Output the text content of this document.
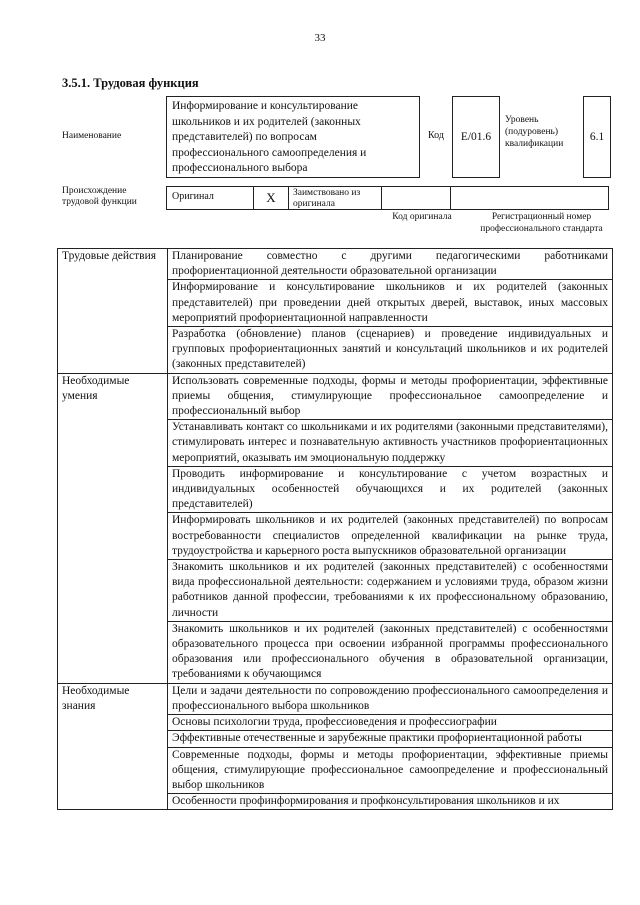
33
3.5.1. Трудовая функция
Наименование
Информирование и консультирование школьников и их родителей (законных представителей) по вопросам профессионального самоопределения и профессионального выбора
Код	E/01.6
Уровень (подуровень) квалификации
6.1
Происхождение трудовой функции	Оригинал	X	Заимствовано из оригинала
Код оригинала	Регистрационный номер профессионального стандарта
Трудовые действия	Планирование совместно с другими педагогическими работниками профориентационной деятельности образовательной организации
	Информирование и консультирование школьников и их родителей (законных представителей) при проведении дней открытых дверей, выставок, иных массовых мероприятий профориентационной направленности
	Разработка (обновление) планов (сценариев) и проведение индивидуальных и групповых профориентационных занятий и консультаций школьников и их родителей (законных представителей)
Необходимые умения	Использовать современные подходы, формы и методы профориентации, эффективные приемы общения, стимулирующие профессиональное самоопределение и профессиональный выбор
	Устанавливать контакт со школьниками и их родителями (законными представителями), стимулировать интерес и познавательную активность участников профориентационных мероприятий, оказывать им эмоциональную поддержку
	Проводить информирование и консультирование с учетом возрастных и индивидуальных особенностей обучающихся и их родителей (законных представителей)
	Информировать школьников и их родителей (законных представителей) по вопросам востребованности специалистов определенной квалификации на рынке труда, трудоустройства и карьерного роста выпускников образовательной организации
	Знакомить школьников и их родителей (законных представителей) с особенностями вида профессиональной деятельности: содержанием и условиями труда, образом жизни работников данной профессии, требованиями к их профессиональному образованию, личности
	Знакомить школьников и их родителей (законных представителей) с особенностями образовательного процесса при освоении избранной программы профессионального образования или профессионального обучения в образовательной организации, требованиями к обучающимся
Необходимые знания	Цели и задачи деятельности по сопровождению профессионального самоопределения и профессионального выбора школьников
	Основы психологии труда, профессиоведения и профессиографии
	Эффективные отечественные и зарубежные практики профориентационной работы
	Современные подходы, формы и методы профориентации, эффективные приемы общения, стимулирующие профессиональное самоопределение и профессиональный выбор школьников
	Особенности профинформирования и профконсультирования школьников и их
